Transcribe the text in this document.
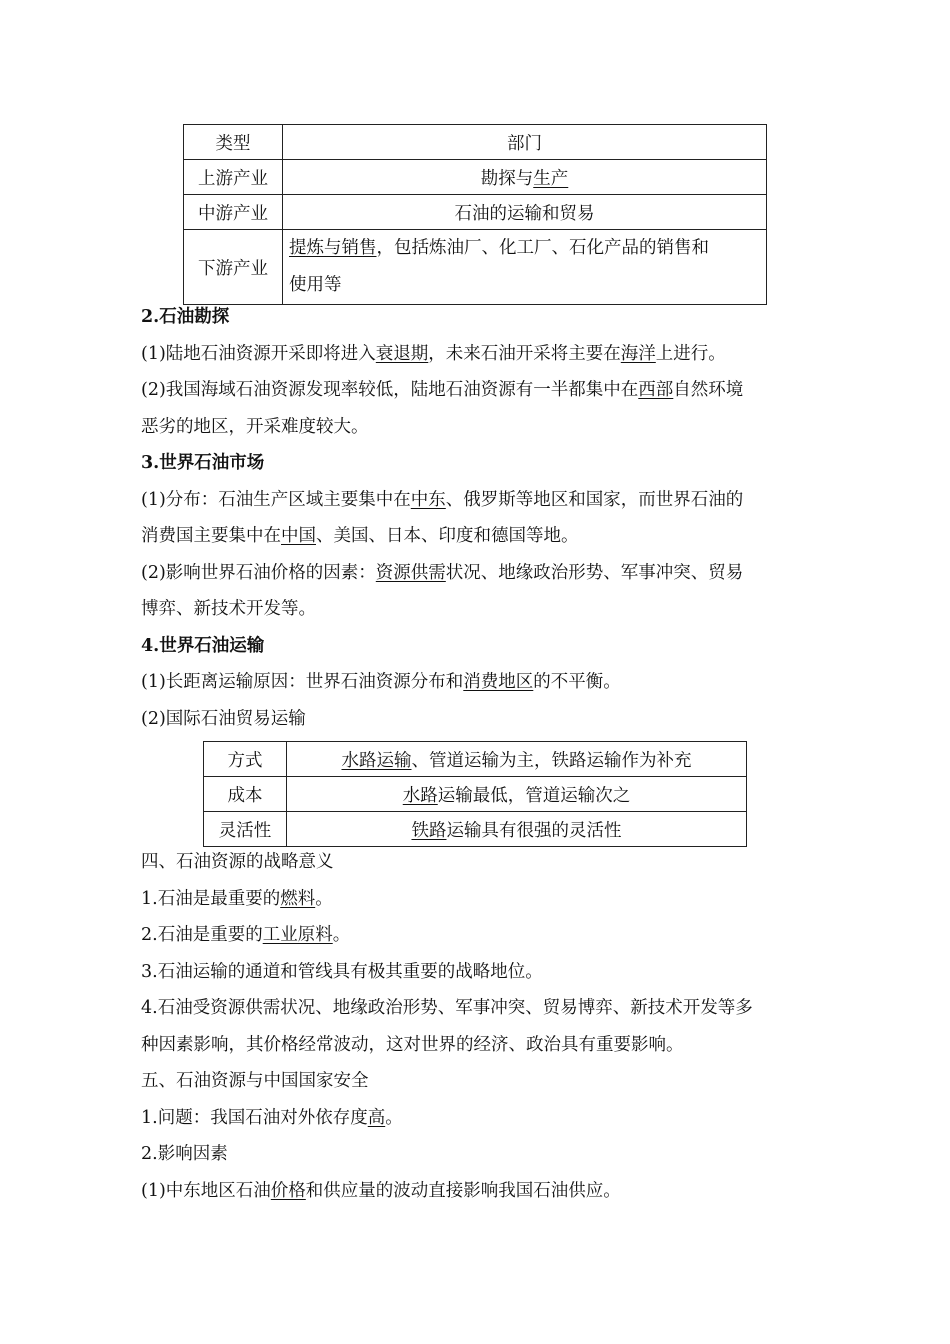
类型	部门
上游产业	勘探与生产
中游产业	石油的运输和贸易
下游产业	提炼与销售，包括炼油厂、化工厂、石化产品的销售和
使用等
2.石油勘探
(1)陆地石油资源开采即将进入衰退期，未来石油开采将主要在海洋上进行。
(2)我国海域石油资源发现率较低，陆地石油资源有一半都集中在西部自然环境
恶劣的地区，开采难度较大。
3.世界石油市场
(1)分布：石油生产区域主要集中在中东、俄罗斯等地区和国家，而世界石油的
消费国主要集中在中国、美国、日本、印度和德国等地。
(2)影响世界石油价格的因素：资源供需状况、地缘政治形势、军事冲突、贸易
博弈、新技术开发等。
4.世界石油运输
(1)长距离运输原因：世界石油资源分布和消费地区的不平衡。
(2)国际石油贸易运输
方式	水路运输、管道运输为主，铁路运输作为补充
成本	水路运输最低，管道运输次之
灵活性	铁路运输具有很强的灵活性
四、石油资源的战略意义
1.石油是最重要的燃料。
2.石油是重要的工业原料。
3.石油运输的通道和管线具有极其重要的战略地位。
4.石油受资源供需状况、地缘政治形势、军事冲突、贸易博弈、新技术开发等多
种因素影响，其价格经常波动，这对世界的经济、政治具有重要影响。
五、石油资源与中国国家安全
1.问题：我国石油对外依存度高。
2.影响因素
(1)中东地区石油价格和供应量的波动直接影响我国石油供应。
